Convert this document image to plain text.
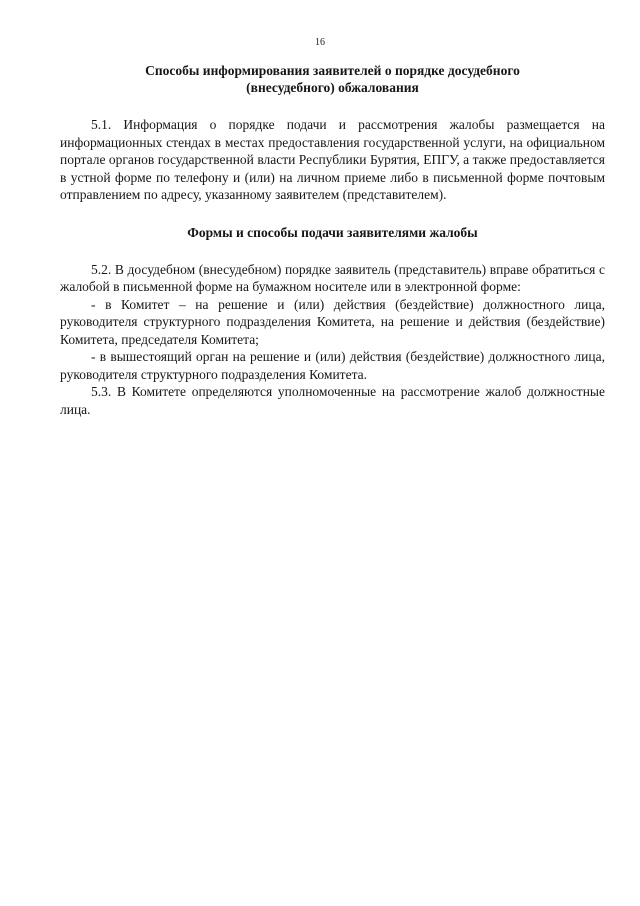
16
Способы информирования заявителей о порядке досудебного
(внесудебного) обжалования

5.1. Информация о порядке подачи и рассмотрения жалобы размещается на информационных стендах в местах предоставления государственной услуги, на официальном портале органов государственной власти Республики Бурятия, ЕПГУ, а также предоставляется в устной форме по телефону и (или) на личном приеме либо в письменной форме почтовым отправлением по адресу, указанному заявителем (представителем).

Формы и способы подачи заявителями жалобы

5.2. В досудебном (внесудебном) порядке заявитель (представитель) вправе обратиться с жалобой в письменной форме на бумажном носителе или в электронной форме:

- в Комитет – на решение и (или) действия (бездействие) должностного лица, руководителя структурного подразделения Комитета, на решение и действия (бездействие) Комитета, председателя Комитета;

- в вышестоящий орган на решение и (или) действия (бездействие) должностного лица, руководителя структурного подразделения Комитета.

5.3. В Комитете определяются уполномоченные на рассмотрение жалоб должностные лица.
